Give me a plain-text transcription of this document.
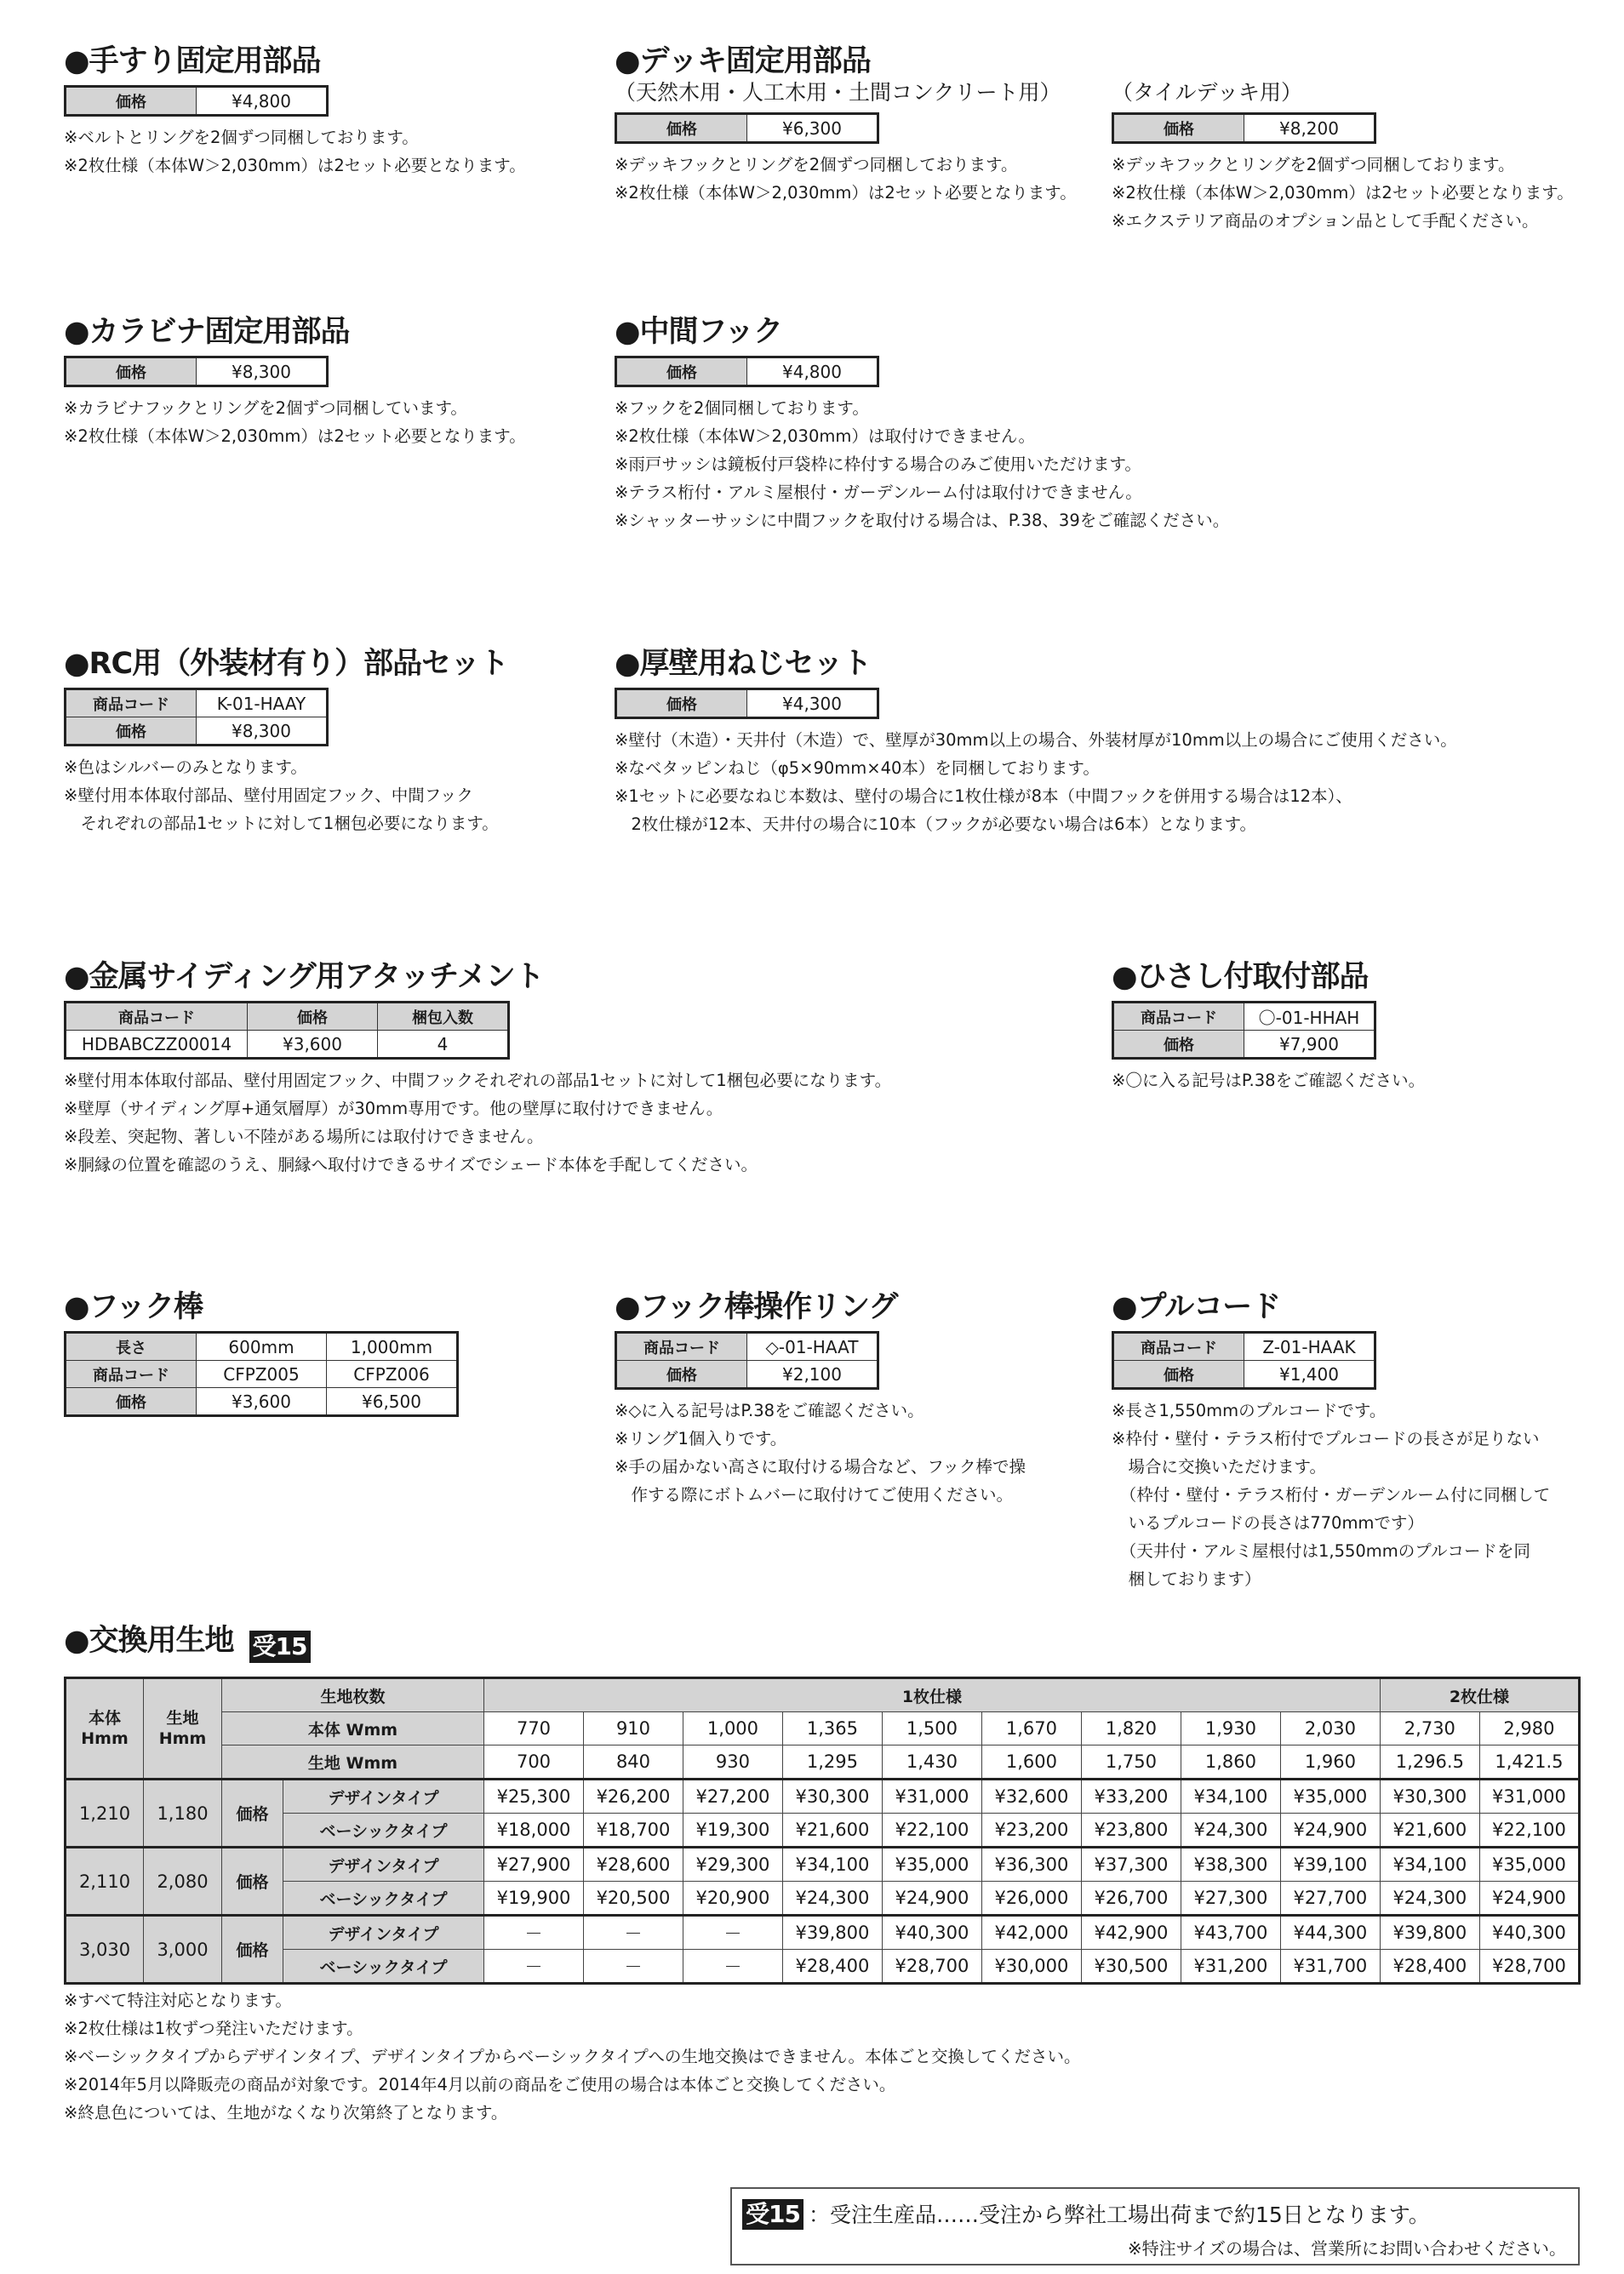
●手すり固定用部品
価格	¥4,800
※ベルトとリングを2個ずつ同梱しております。
※2枚仕様（本体W＞2,030mm）は2セット必要となります。
●デッキ固定用部品
（天然木用・人工木用・土間コンクリート用）
価格	¥6,300
※デッキフックとリングを2個ずつ同梱しております。
※2枚仕様（本体W＞2,030mm）は2セット必要となります。
（タイルデッキ用）
価格	¥8,200
※デッキフックとリングを2個ずつ同梱しております。
※2枚仕様（本体W＞2,030mm）は2セット必要となります。
※エクステリア商品のオプション品として手配ください。
●カラビナ固定用部品
価格	¥8,300
※カラビナフックとリングを2個ずつ同梱しています。
※2枚仕様（本体W＞2,030mm）は2セット必要となります。
●中間フック
価格	¥4,800
※フックを2個同梱しております。
※2枚仕様（本体W＞2,030mm）は取付けできません。
※雨戸サッシは鏡板付戸袋枠に枠付する場合のみご使用いただけます。
※テラス桁付・アルミ屋根付・ガーデンルーム付は取付けできません。
※シャッターサッシに中間フックを取付ける場合は、P.38、39をご確認ください。
●RC用（外装材有り）部品セット
商品コード	K-01-HAAY
価格	¥8,300
※色はシルバーのみとなります。
※壁付用本体取付部品、壁付用固定フック、中間フック
　それぞれの部品1セットに対して1梱包必要になります。
●厚壁用ねじセット
価格	¥4,300
※壁付（木造）・天井付（木造）で、壁厚が30mm以上の場合、外装材厚が10mm以上の場合にご使用ください。
※なベタッピンねじ（φ5×90mm×40本）を同梱しております。
※1セットに必要なねじ本数は、壁付の場合に1枚仕様が8本（中間フックを併用する場合は12本）、
　2枚仕様が12本、天井付の場合に10本（フックが必要ない場合は6本）となります。
●金属サイディング用アタッチメント
商品コード	価格	梱包入数
HDBABCZZ00014	¥3,600	4
※壁付用本体取付部品、壁付用固定フック、中間フックそれぞれの部品1セットに対して1梱包必要になります。
※壁厚（サイディング厚+通気層厚）が30mm専用です。他の壁厚に取付けできません。
※段差、突起物、著しい不陸がある場所には取付けできません。
※胴縁の位置を確認のうえ、胴縁へ取付けできるサイズでシェード本体を手配してください。
●ひさし付取付部品
商品コード	〇-01-HHAH
価格	¥7,900
※〇に入る記号はP.38をご確認ください。
●フック棒
長さ	600mm	1,000mm
商品コード	CFPZ005	CFPZ006
価格	¥3,600	¥6,500
●フック棒操作リング
商品コード	◇-01-HAAT
価格	¥2,100
※◇に入る記号はP.38をご確認ください。
※リング1個入りです。
※手の届かない高さに取付ける場合など、フック棒で操
　作する際にボトムバーに取付けてご使用ください。
●プルコード
商品コード	Z-01-HAAK
価格	¥1,400
※長さ1,550mmのプルコードです。
※枠付・壁付・テラス桁付でプルコードの長さが足りない
　場合に交換いただけます。
　（枠付・壁付・テラス桁付・ガーデンルーム付に同梱して
　いるプルコードの長さは770mmです）
　（天井付・アルミ屋根付は1,550mmのプルコードを同
　梱しております）
●交換用生地 受15
本体
Hmm	生地
Hmm	生地枚数		1枚仕様									2枚仕様	
		本体 Wmm		770	910	1,000	1,365	1,500	1,670	1,820	1,930	2,030	2,730	2,980
		生地 Wmm		700	840	930	1,295	1,430	1,600	1,750	1,860	1,960	1,296.5	1,421.5
1,210	1,180	価格	デザインタイプ	¥25,300	¥26,200	¥27,200	¥30,300	¥31,000	¥32,600	¥33,200	¥34,100	¥35,000	¥30,300	¥31,000
			ベーシックタイプ	¥18,000	¥18,700	¥19,300	¥21,600	¥22,100	¥23,200	¥23,800	¥24,300	¥24,900	¥21,600	¥22,100
2,110	2,080	価格	デザインタイプ	¥27,900	¥28,600	¥29,300	¥34,100	¥35,000	¥36,300	¥37,300	¥38,300	¥39,100	¥34,100	¥35,000
			ベーシックタイプ	¥19,900	¥20,500	¥20,900	¥24,300	¥24,900	¥26,000	¥26,700	¥27,300	¥27,700	¥24,300	¥24,900
3,030	3,000	価格	デザインタイプ	－	－	－	¥39,800	¥40,300	¥42,000	¥42,900	¥43,700	¥44,300	¥39,800	¥40,300
			ベーシックタイプ	－	－	－	¥28,400	¥28,700	¥30,000	¥30,500	¥31,200	¥31,700	¥28,400	¥28,700
※すべて特注対応となります。
※2枚仕様は1枚ずつ発注いただけます。
※ベーシックタイプからデザインタイプ、デザインタイプからベーシックタイプへの生地交換はできません。本体ごと交換してください。
※2014年5月以降販売の商品が対象です。2014年4月以前の商品をご使用の場合は本体ごと交換してください。
※終息色については、生地がなくなり次第終了となります。
受15 ：受注生産品……受注から弊社工場出荷まで約15日となります。
※特注サイズの場合は、営業所にお問い合わせください。
